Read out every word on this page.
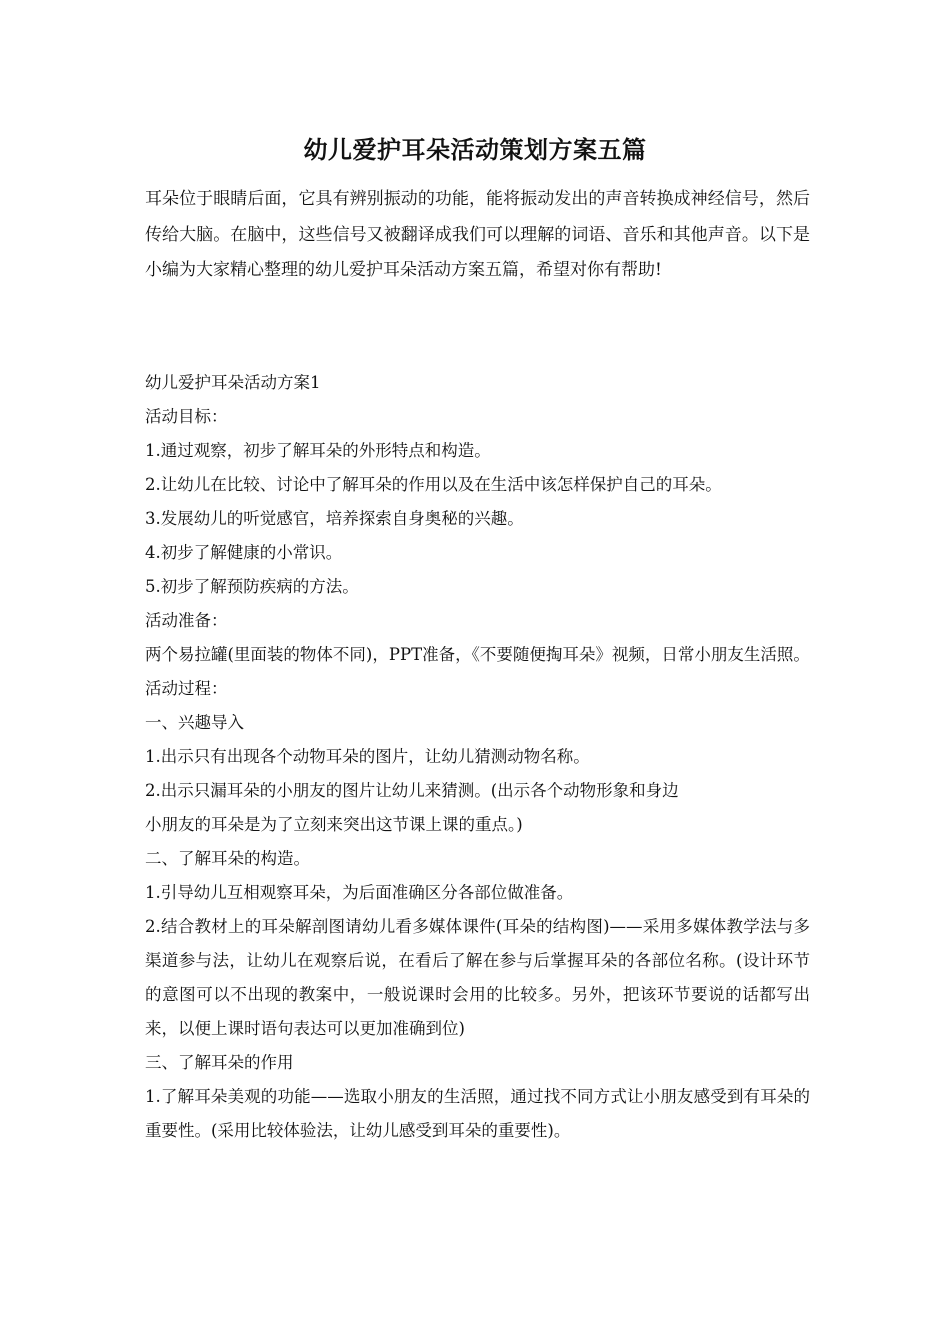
幼儿爱护耳朵活动策划方案五篇

耳朵位于眼睛后面，它具有辨别振动的功能，能将振动发出的声音转换成神经信号，然后传给大脑。在脑中，这些信号又被翻译成我们可以理解的词语、音乐和其他声音。以下是小编为大家精心整理的幼儿爱护耳朵活动方案五篇，希望对你有帮助!

幼儿爱护耳朵活动方案1
活动目标：
1.通过观察，初步了解耳朵的外形特点和构造。
2.让幼儿在比较、讨论中了解耳朵的作用以及在生活中该怎样保护自己的耳朵。
3.发展幼儿的听觉感官，培养探索自身奥秘的兴趣。
4.初步了解健康的小常识。
5.初步了解预防疾病的方法。
活动准备：

两个易拉罐(里面装的物体不同)，PPT准备，《不要随便掏耳朵》视频，日常小朋友生活照。

活动过程：
一、兴趣导入
1.出示只有出现各个动物耳朵的图片，让幼儿猜测动物名称。
2.出示只漏耳朵的小朋友的图片让幼儿来猜测。(出示各个动物形象和身边
小朋友的耳朵是为了立刻来突出这节课上课的重点。)
二、了解耳朵的构造。
1.引导幼儿互相观察耳朵，为后面准确区分各部位做准备。

2.结合教材上的耳朵解剖图请幼儿看多媒体课件(耳朵的结构图)——采用多媒体教学法与多渠道参与法，让幼儿在观察后说，在看后了解在参与后掌握耳朵的各部位名称。(设计环节的意图可以不出现的教案中，一般说课时会用的比较多。另外，把该环节要说的话都写出来，以便上课时语句表达可以更加准确到位)

三、了解耳朵的作用

1.了解耳朵美观的功能——选取小朋友的生活照，通过找不同方式让小朋友感受到有耳朵的重要性。(采用比较体验法，让幼儿感受到耳朵的重要性)。
